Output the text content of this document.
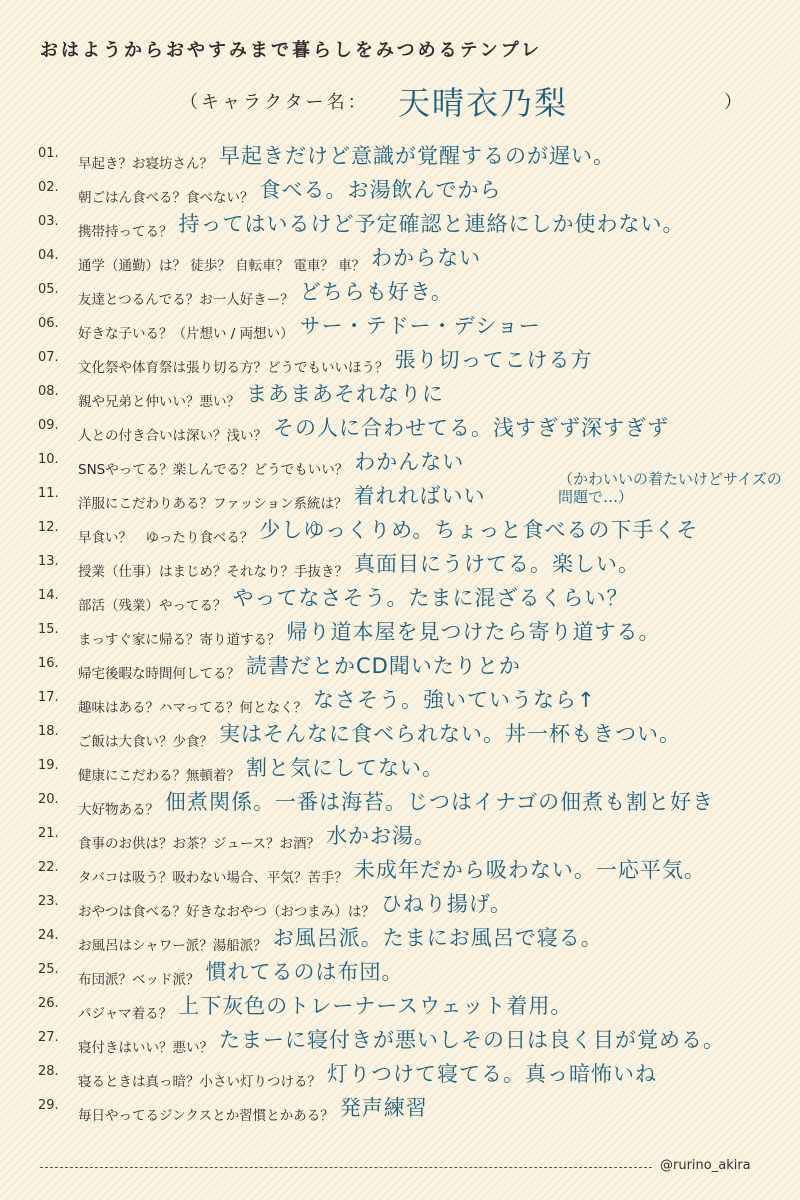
おはようからおやすみまで暮らしをみつめるテンプレ
（キャラクター名： 天晴衣乃梨	）
01.
早起き？お寝坊さん？ 早起きだけど意識が覚醒するのが遅い。
02.
朝ごはん食べる？食べない？ 食べる。お湯飲んでから
03.
携帯持ってる？ 持ってはいるけど予定確認と連絡にしか使わない。
04.
通学（通勤）は？ 徒歩？ 自転車？ 電車？ 車？ わからない
05.
友達とつるんでる？お一人好きー？ どちらも好き。
06.
好きな子いる？（片想い / 両想い） サー・テドー・デショー
07.
文化祭や体育祭は張り切る方？どうでもいいほう？ 張り切ってこける方
08.
親や兄弟と仲いい？悪い？ まあまあそれなりに
09.
人との付き合いは深い？浅い？ その人に合わせてる。浅すぎず深すぎず
10.
SNSやってる？楽しんでる？どうでもいい？ わかんない
11.
洋服にこだわりある？ファッション系統は？ 着れればいい
12.
早食い？　ゆったり食べる？ 少しゆっくりめ。ちょっと食べるの下手くそ
13.
授業（仕事）はまじめ？それなり？手抜き？ 真面目にうけてる。楽しい。
14.
部活（残業）やってる？ やってなさそう。たまに混ざるくらい？
15.
まっすぐ家に帰る？寄り道する？ 帰り道本屋を見つけたら寄り道する。
16.
帰宅後暇な時間何してる？ 読書だとかCD聞いたりとか
17.
趣味はある？ハマってる？何となく？ なさそう。強いていうなら↑
18.
ご飯は大食い？少食？ 実はそんなに食べられない。丼一杯もきつい。
19.
健康にこだわる？無頓着？ 割と気にしてない。
20.
大好物ある？ 佃煮関係。一番は海苔。じつはイナゴの佃煮も割と好き
21.
食事のお供は？お茶？ジュース？お酒？ 水かお湯。
22.
タバコは吸う？吸わない場合、平気？苦手？ 未成年だから吸わない。一応平気。
23.
おやつは食べる？好きなおやつ（おつまみ）は？ ひねり揚げ。
24.
お風呂はシャワー派？湯船派？ お風呂派。たまにお風呂で寝る。
25.
布団派？ベッド派？ 慣れてるのは布団。
26.
パジャマ着る？ 上下灰色のトレーナースウェット着用。
27.
寝付きはいい？悪い？ たまーに寝付きが悪いしその日は良く目が覚める。
28.
寝るときは真っ暗？小さい灯りつける？ 灯りつけて寝てる。真っ暗怖いね
29.
毎日やってるジンクスとか習慣とかある？ 発声練習
（かわいいの着たいけどサイズの問題で…）
@rurino_akira
